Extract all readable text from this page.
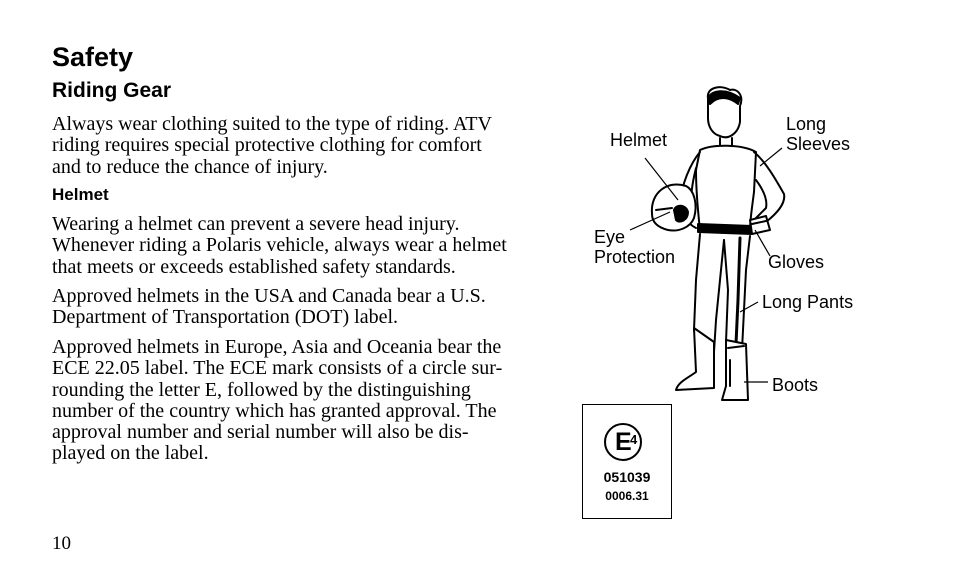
Safety
Riding Gear

Always wear clothing suited to the type of riding. ATV
riding requires special protective clothing for comfort
and to reduce the chance of injury.

Helmet

Wearing a helmet can prevent a severe head injury.
Whenever riding a Polaris vehicle, always wear a helmet
that meets or exceeds established safety standards.

Approved helmets in the USA and Canada bear a U.S.
Department of Transportation (DOT) label.

Approved helmets in Europe, Asia and Oceania bear the
ECE 22.05 label. The ECE mark consists of a circle sur-
rounding the letter E, followed by the distinguishing
number of the country which has granted approval. The
approval number and serial number will also be dis-
played on the label.

10
Helmet
Long
Sleeves
Eye
Protection	Gloves
Long Pants
Boots
E
4
051039
0006.31
